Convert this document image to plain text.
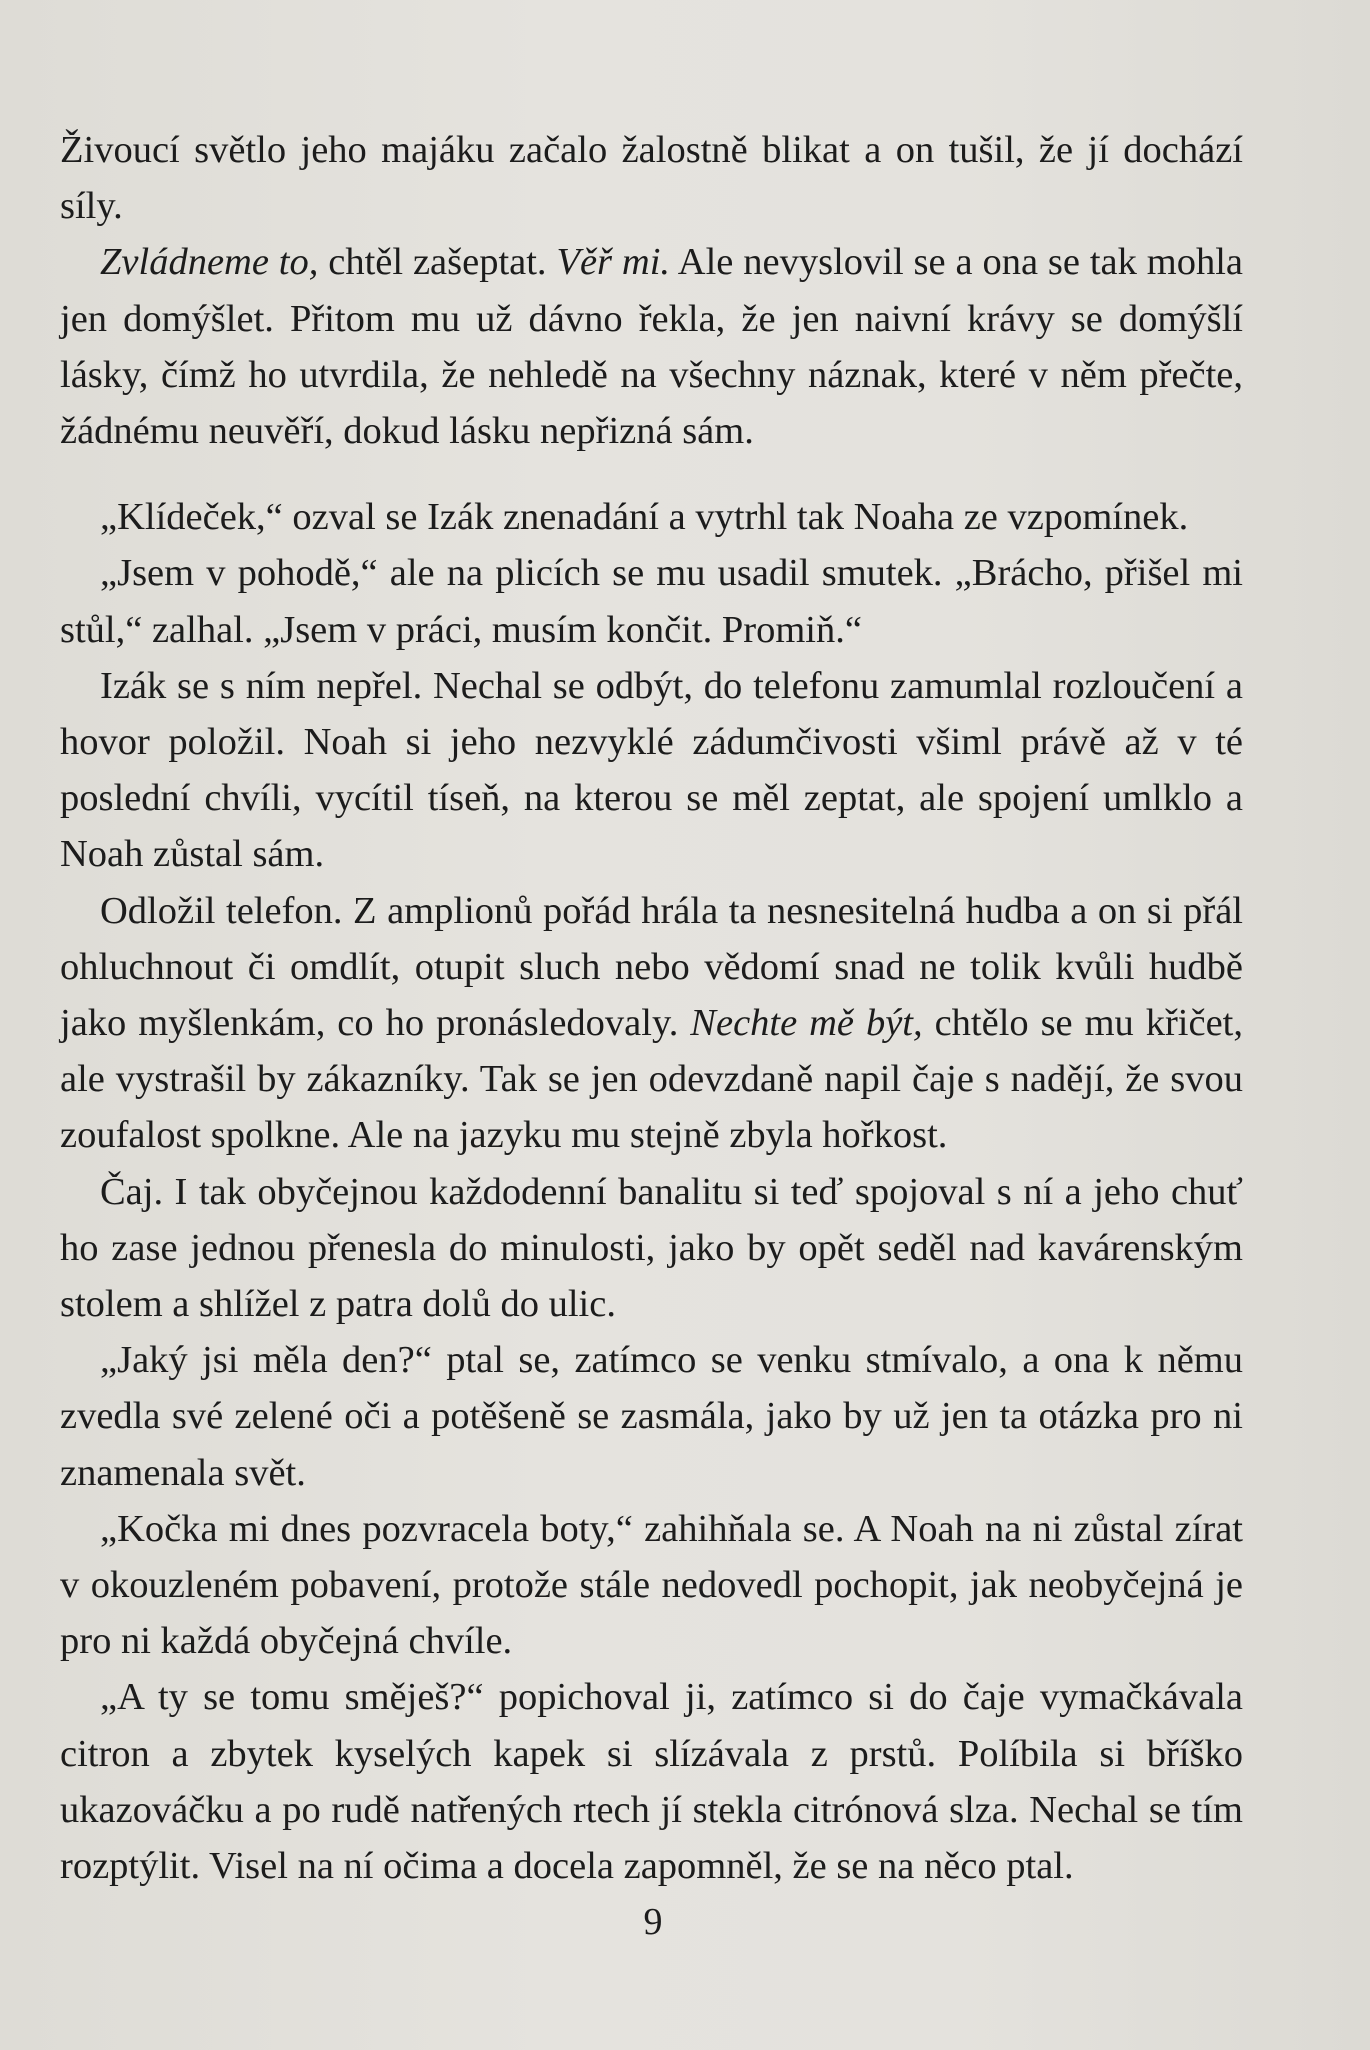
Živoucí světlo jeho majáku začalo žalostně blikat a on tušil, že jí dochází síly.

Zvládneme to, chtěl zašeptat. Věř mi. Ale nevyslovil se a ona se tak mohla jen domýšlet. Přitom mu už dávno řekla, že jen naivní krávy se domýšlí lásky, čímž ho utvrdila, že nehledě na všechny náznak, které v něm přečte, žádnému neuvěří, dokud lásku nepřizná sám.

„Klídeček,“ ozval se Izák znenadání a vytrhl tak Noaha ze vzpomínek.

„Jsem v pohodě,“ ale na plicích se mu usadil smutek. „Brácho, přišel mi stůl,“ zalhal. „Jsem v práci, musím končit. Promiň.“

Izák se s ním nepřel. Nechal se odbýt, do telefonu zamumlal rozloučení a hovor položil. Noah si jeho nezvyklé zádumčivosti všiml právě až v té poslední chvíli, vycítil tíseň, na kterou se měl zeptat, ale spojení umlklo a Noah zůstal sám.

Odložil telefon. Z amplionů pořád hrála ta nesnesitelná hudba a on si přál ohluchnout či omdlít, otupit sluch nebo vědomí snad ne tolik kvůli hudbě jako myšlenkám, co ho pronásledovaly. Nechte mě být, chtělo se mu křičet, ale vystrašil by zákazníky. Tak se jen odevzdaně napil čaje s nadějí, že svou zoufalost spolkne. Ale na jazyku mu stejně zbyla hořkost.

Čaj. I tak obyčejnou každodenní banalitu si teď spojoval s ní a jeho chuť ho zase jednou přenesla do minulosti, jako by opět seděl nad kavárenským stolem a shlížel z patra dolů do ulic.

„Jaký jsi měla den?“ ptal se, zatímco se venku stmívalo, a ona k němu zvedla své zelené oči a potěšeně se zasmála, jako by už jen ta otázka pro ni znamenala svět.

„Kočka mi dnes pozvracela boty,“ zahihňala se. A Noah na ni zůstal zírat v okouzleném pobavení, protože stále nedovedl pochopit, jak neobyčejná je pro ni každá obyčejná chvíle.

„A ty se tomu směješ?“ popichoval ji, zatímco si do čaje vymačkávala citron a zbytek kyselých kapek si slízávala z prstů. Políbila si bříško ukazováčku a po rudě natřených rtech jí stekla citrónová slza. Nechal se tím rozptýlit. Visel na ní očima a docela zapomněl, že se na něco ptal.

9
